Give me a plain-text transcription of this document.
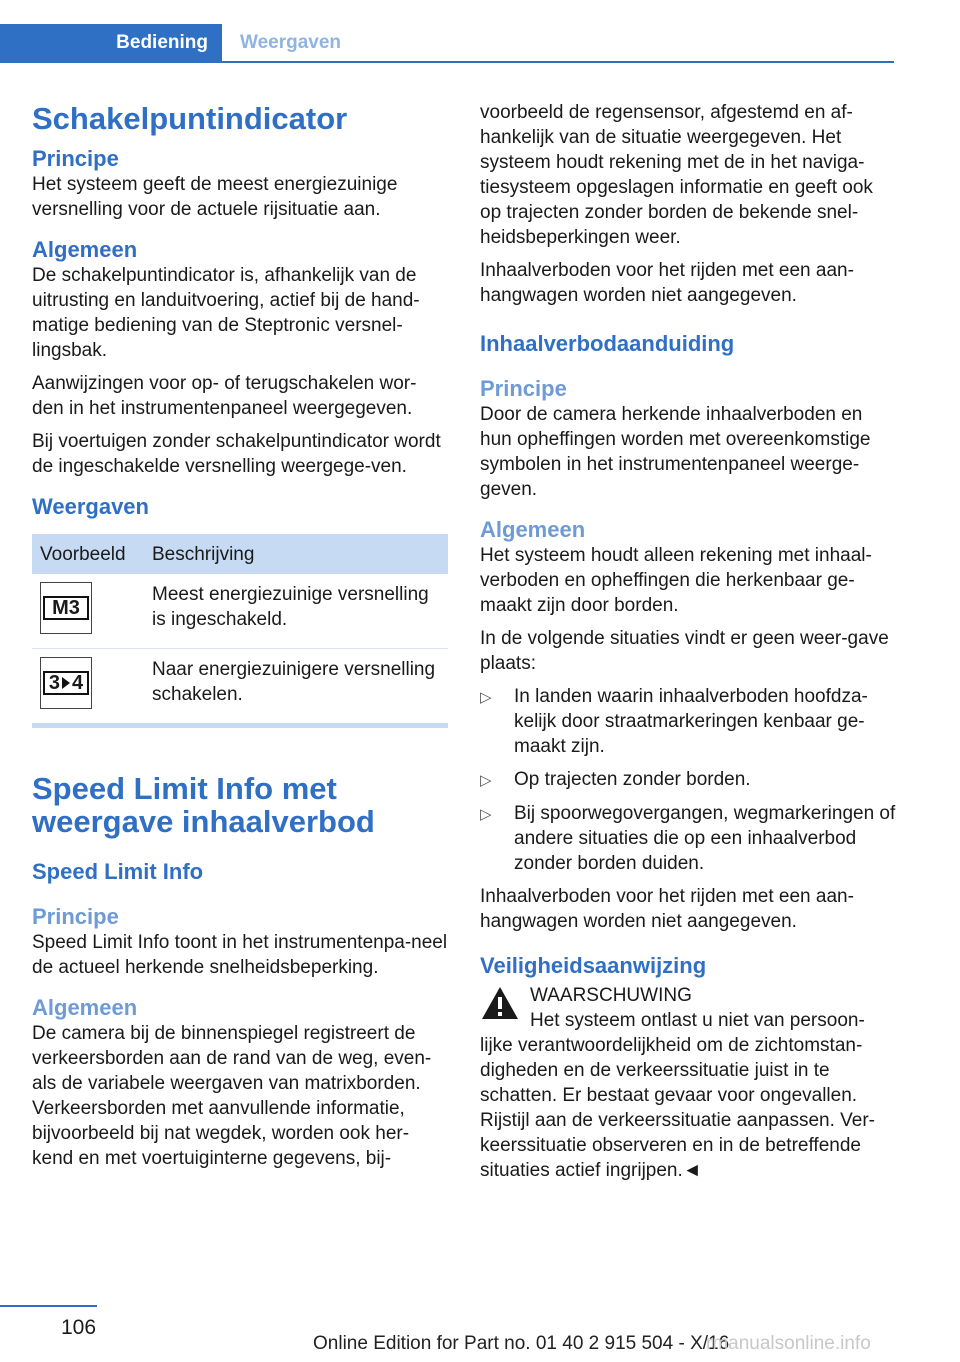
Bediening	Weergaven
Schakelpuntindicator
Principe

Het systeem geeft de meest energiezuinige versnelling voor de actuele rijsituatie aan.

Algemeen

De schakelpuntindicator is, afhankelijk van de uitrusting en landuitvoering, actief bij de hand-matige bediening van de Steptronic versnel-lingsbak.

Aanwijzingen voor op- of terugschakelen wor-den in het instrumentenpaneel weergegeven.

Bij voertuigen zonder schakelpuntindicator wordt de ingeschakelde versnelling weergege-ven.

Weergaven
Voorbeeld	Beschrijving

M3	Meest energiezuinige versnelling is ingeschakeld.

3 4	Naar energiezuinigere versnelling schakelen.
Speed Limit Info met weergave inhaalverbod
Speed Limit Info
Principe

Speed Limit Info toont in het instrumentenpa-neel de actueel herkende snelheidsbeperking.

Algemeen

De camera bij de binnenspiegel registreert de verkeersborden aan de rand van de weg, even-als de variabele weergaven van matrixborden. Verkeersborden met aanvullende informatie, bijvoorbeeld bij nat wegdek, worden ook her-kend en met voertuiginterne gegevens, bij-

voorbeeld de regensensor, afgestemd en af-hankelijk van de situatie weergegeven. Het systeem houdt rekening met de in het naviga-tiesysteem opgeslagen informatie en geeft ook op trajecten zonder borden de bekende snel-heidsbeperkingen weer.

Inhaalverboden voor het rijden met een aan-hangwagen worden niet aangegeven.

Inhaalverbodaanduiding
Principe

Door de camera herkende inhaalverboden en hun opheffingen worden met overeenkomstige symbolen in het instrumentenpaneel weerge-geven.

Algemeen

Het systeem houdt alleen rekening met inhaal-verboden en opheffingen die herkenbaar ge-maakt zijn door borden.

In de volgende situaties vindt er geen weer-gave plaats:

▷	In landen waarin inhaalverboden hoofdza-kelijk door straatmarkeringen kenbaar ge-maakt zijn.
▷	Op trajecten zonder borden.
▷	Bij spoorwegovergangen, wegmarkeringen of andere situaties die op een inhaalverbod zonder borden duiden.

Inhaalverboden voor het rijden met een aan-hangwagen worden niet aangegeven.

Veiligheidsaanwijzing
WAARSCHUWING
Het systeem ontlast u niet van persoon-

lijke verantwoordelijkheid om de zichtomstan-digheden en de verkeerssituatie juist in te schatten. Er bestaat gevaar voor ongevallen. Rijstijl aan de verkeerssituatie aanpassen. Ver-keerssituatie observeren en in de betreffende situaties actief ingrijpen.◄

106
Online Edition for Part no. 01 40 2 915 504 - X/16
rmanualsonline.info
